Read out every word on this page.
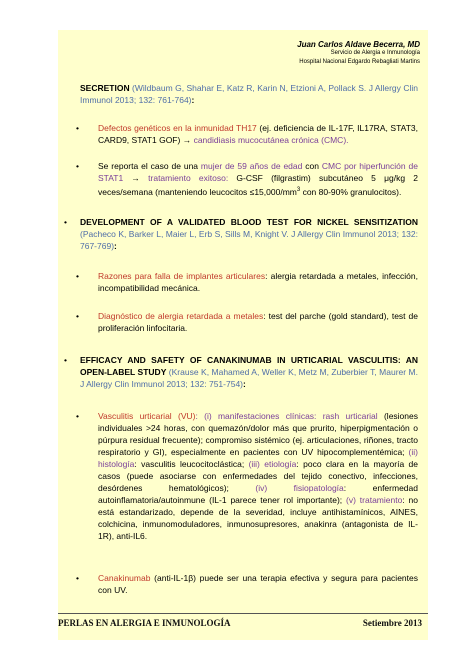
Juan Carlos Aldave Becerra, MD
Servicio de Alergia e Inmunología
Hospital Nacional Edgardo Rebagliati Martins
SECRETION (Wildbaum G, Shahar E, Katz R, Karin N, Etzioni A, Pollack S. J Allergy Clin Immunol 2013; 132: 761-764):
• Defectos genéticos en la inmunidad TH17 (ej. deficiencia de IL-17F, IL17RA, STAT3, CARD9, STAT1 GOF) → candidiasis mucocutánea crónica (CMC).
• Se reporta el caso de una mujer de 59 años de edad con CMC por hiperfunción de STAT1 → tratamiento exitoso: G-CSF (filgrastim) subcutáneo 5 μg/kg 2 veces/semana (manteniendo leucocitos $\le 15,000/mm^3$ con 80-90% granulocitos).
• DEVELOPMENT OF A VALIDATED BLOOD TEST FOR NICKEL SENSITIZATION (Pacheco K, Barker L, Maier L, Erb S, Sills M, Knight V. J Allergy Clin Immunol 2013; 132: 767-769):
• Razones para falla de implantes articulares: alergia retardada a metales, infección, incompatibilidad mecánica.
• Diagnóstico de alergia retardada a metales: test del parche (gold standard), test de proliferación linfocitaria.
• EFFICACY AND SAFETY OF CANAKINUMAB IN URTICARIAL VASCULITIS: AN OPEN-LABEL STUDY (Krause K, Mahamed A, Weller K, Metz M, Zuberbier T, Maurer M. J Allergy Clin Immunol 2013; 132: 751-754):
• Vasculitis urticarial (VU): (i) manifestaciones clínicas: rash urticarial (lesiones individuales >24 horas, con quemazón/dolor más que prurito, hiperpigmentación o púrpura residual frecuente); compromiso sistémico (ej. articulaciones, riñones, tracto respiratorio y GI), especialmente en pacientes con UV hipocomplementémica; (ii) histología: vasculitis leucocitoclástica; (iii) etiología: poco clara en la mayoría de casos (puede asociarse con enfermedades del tejido conectivo, infecciones, desórdenes hematológicos); (iv) fisiopatología: enfermedad autoinflamatoria/autoinmune (IL-1 parece tener rol importante); (v) tratamiento: no está estandarizado, depende de la severidad, incluye antihistamínicos, AINES, colchicina, inmunomoduladores, inmunosupresores, anakinra (antagonista de IL-1R), anti-IL6.
• Canakinumab (anti-IL-1β) puede ser una terapia efectiva y segura para pacientes con UV.
PERLAS EN ALERGIA E INMUNOLOGÍA	Setiembre 2013
